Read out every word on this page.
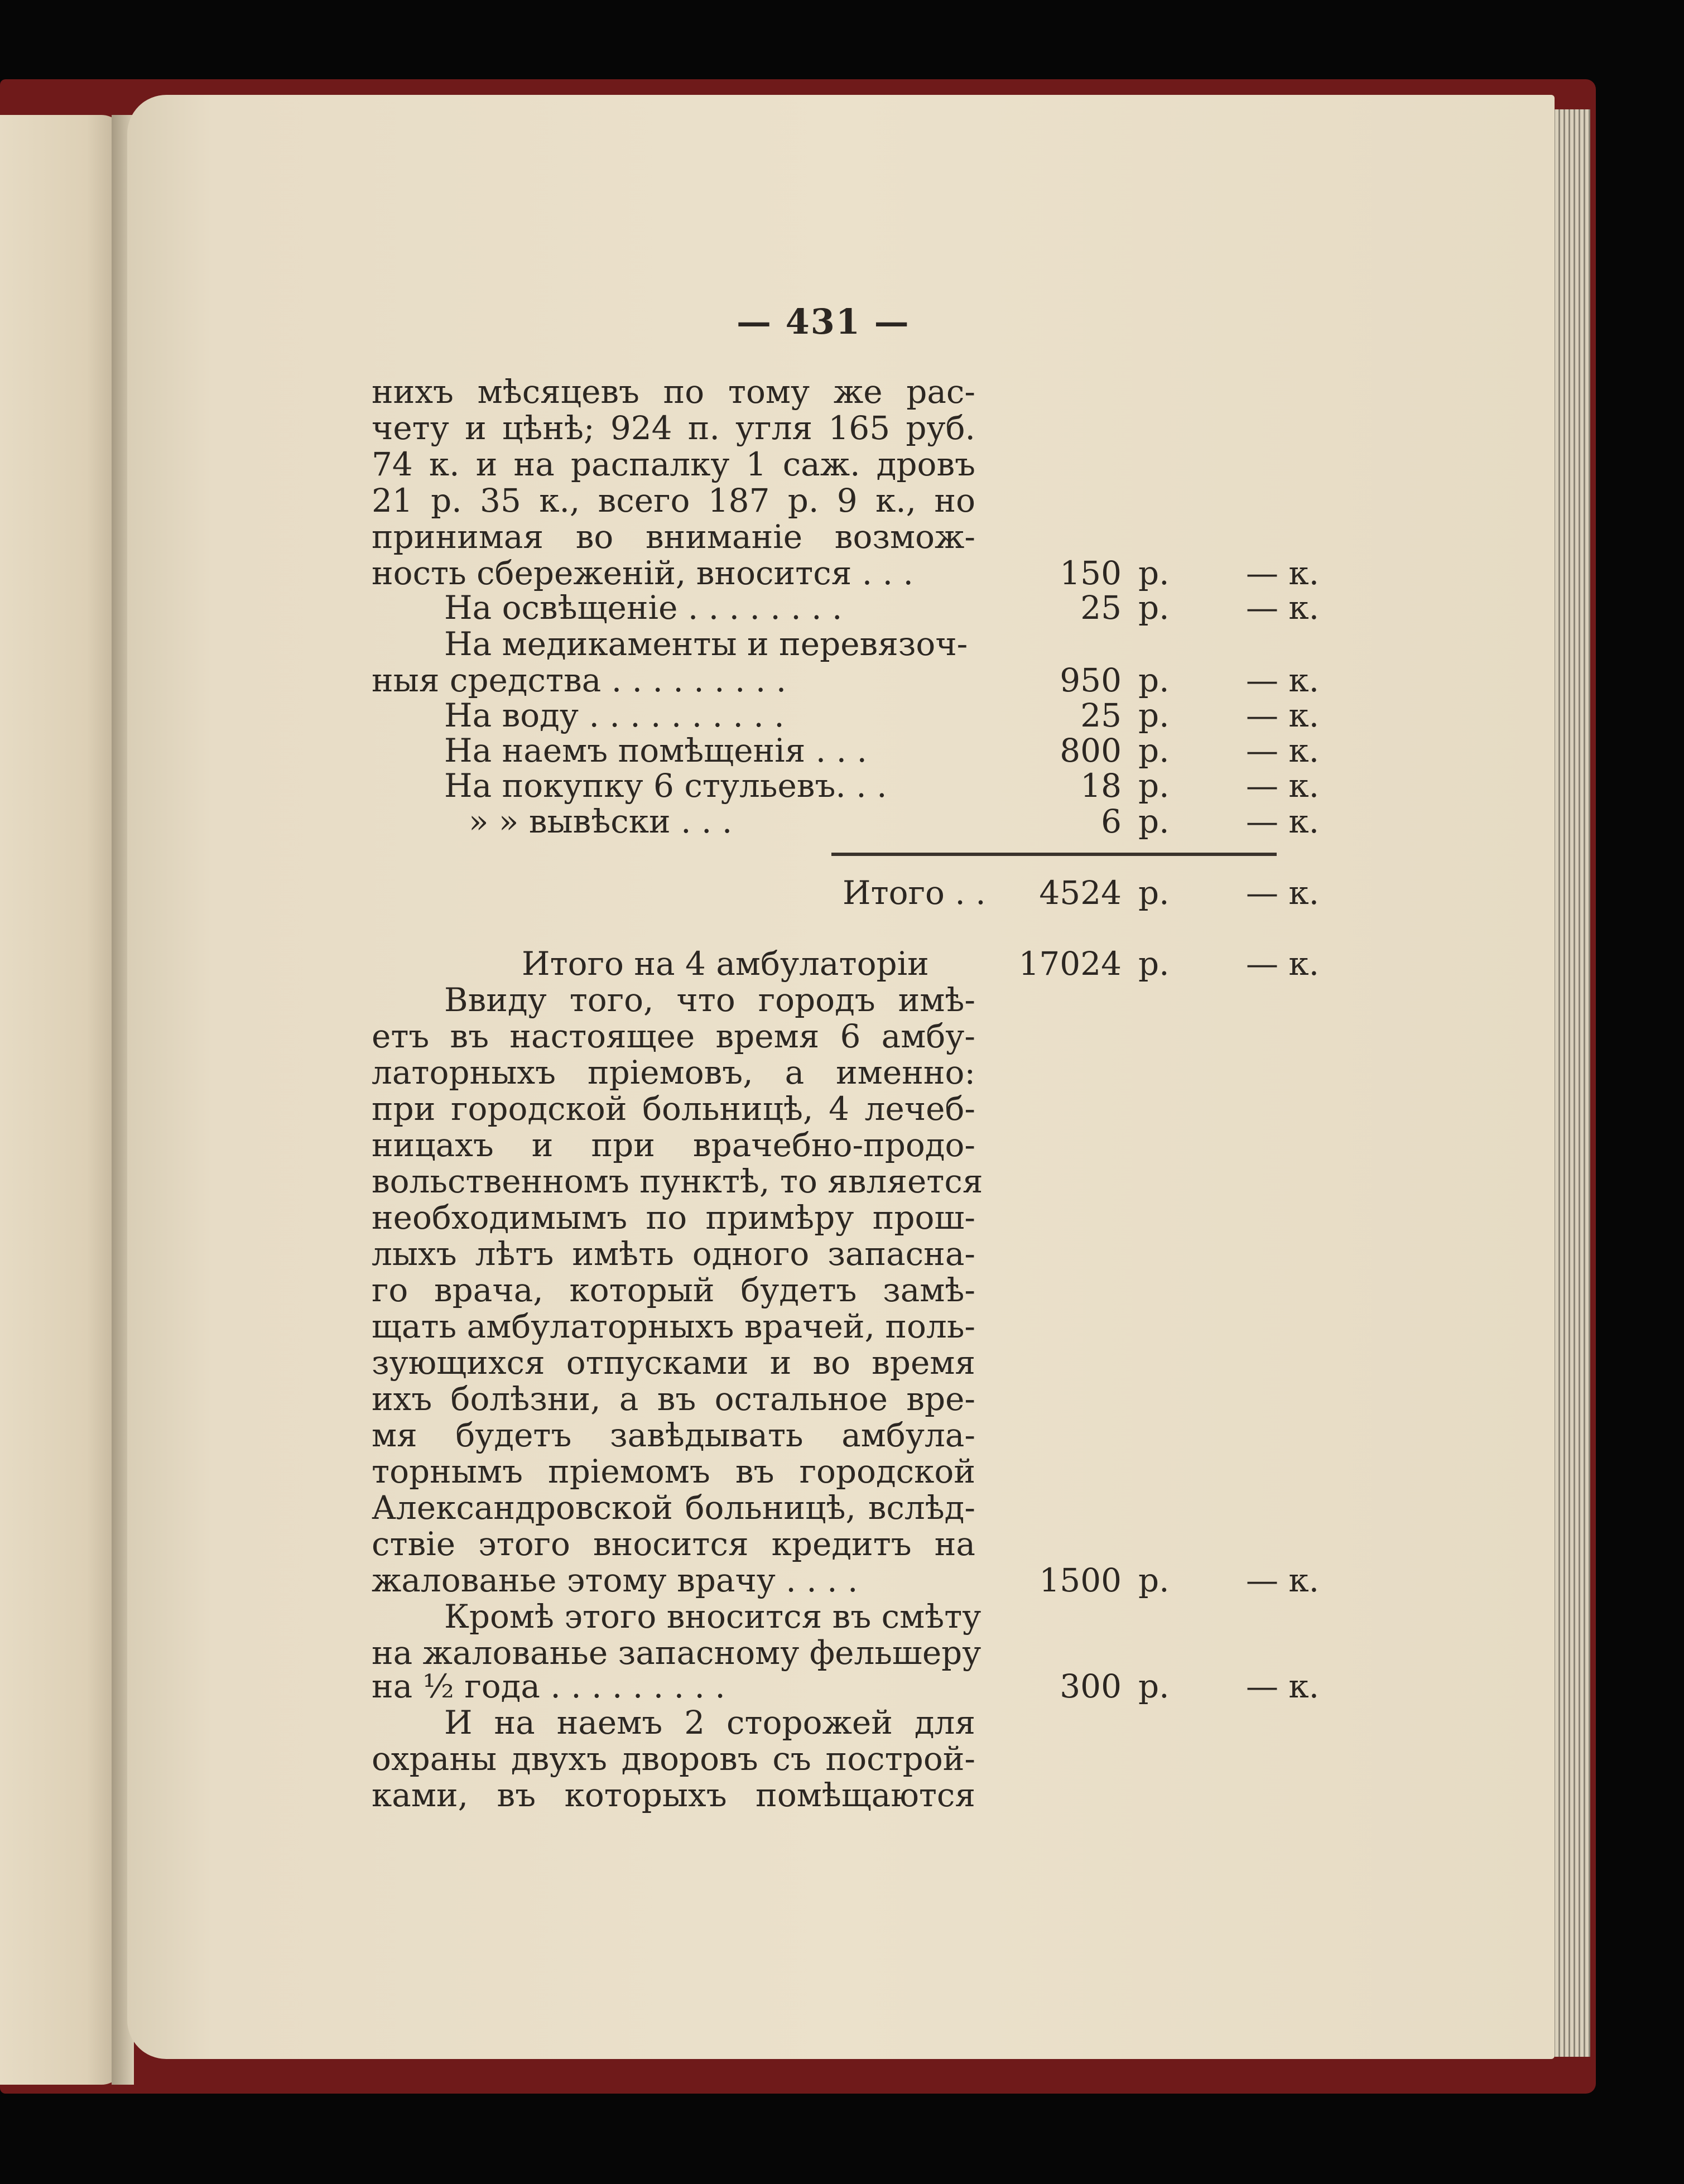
— 431 —
нихъ мѣсяцевъ по тому же рас-
чету и цѣнѣ; 924 п. угля 165 руб.
74 к. и на распалку 1 саж. дровъ
21 р. 35 к., всего 187 р. 9 к., но
принимая во вниманіе возмож-
ность сбереженій, вносится . . .	150 р. — к.
На освѣщеніе . . . . . . . .	25 р. — к.
На медикаменты и перевязоч-
ныя средства . . . . . . . . .	950 р. — к.
На воду . . . . . . . . . .	25 р. — к.
На наемъ помѣщенія . . .	800 р. — к.
На покупку 6 стульевъ. . .	18 р. — к.
» » вывѣски . . .	6 р. — к.
Итого . .	4524 р. — к.
Итого на 4 амбулаторіи	17024 р. — к.
Ввиду того, что городъ имѣ-
етъ въ настоящее время 6 амбу-
латорныхъ пріемовъ, а именно:
при городской больницѣ, 4 лечеб-
ницахъ и при врачебно-продо-
вольственномъ пунктѣ, то является
необходимымъ по примѣру прош-
лыхъ лѣтъ имѣть одного запасна-
го врача, который будетъ замѣ-
щать амбулаторныхъ врачей, поль-
зующихся отпусками и во время
ихъ болѣзни, а въ остальное вре-
мя будетъ завѣдывать амбула-
торнымъ пріемомъ въ городской
Александровской больницѣ, вслѣд-
ствіе этого вносится кредитъ на
жалованье этому врачу . . . .	1500 р. — к.
Кромѣ этого вносится въ смѣту
на жалованье запасному фельшеру
на ½ года . . . . . . . . .	300 р. — к.
И на наемъ 2 сторожей для
охраны двухъ дворовъ съ построй-
ками, въ которыхъ помѣщаются
